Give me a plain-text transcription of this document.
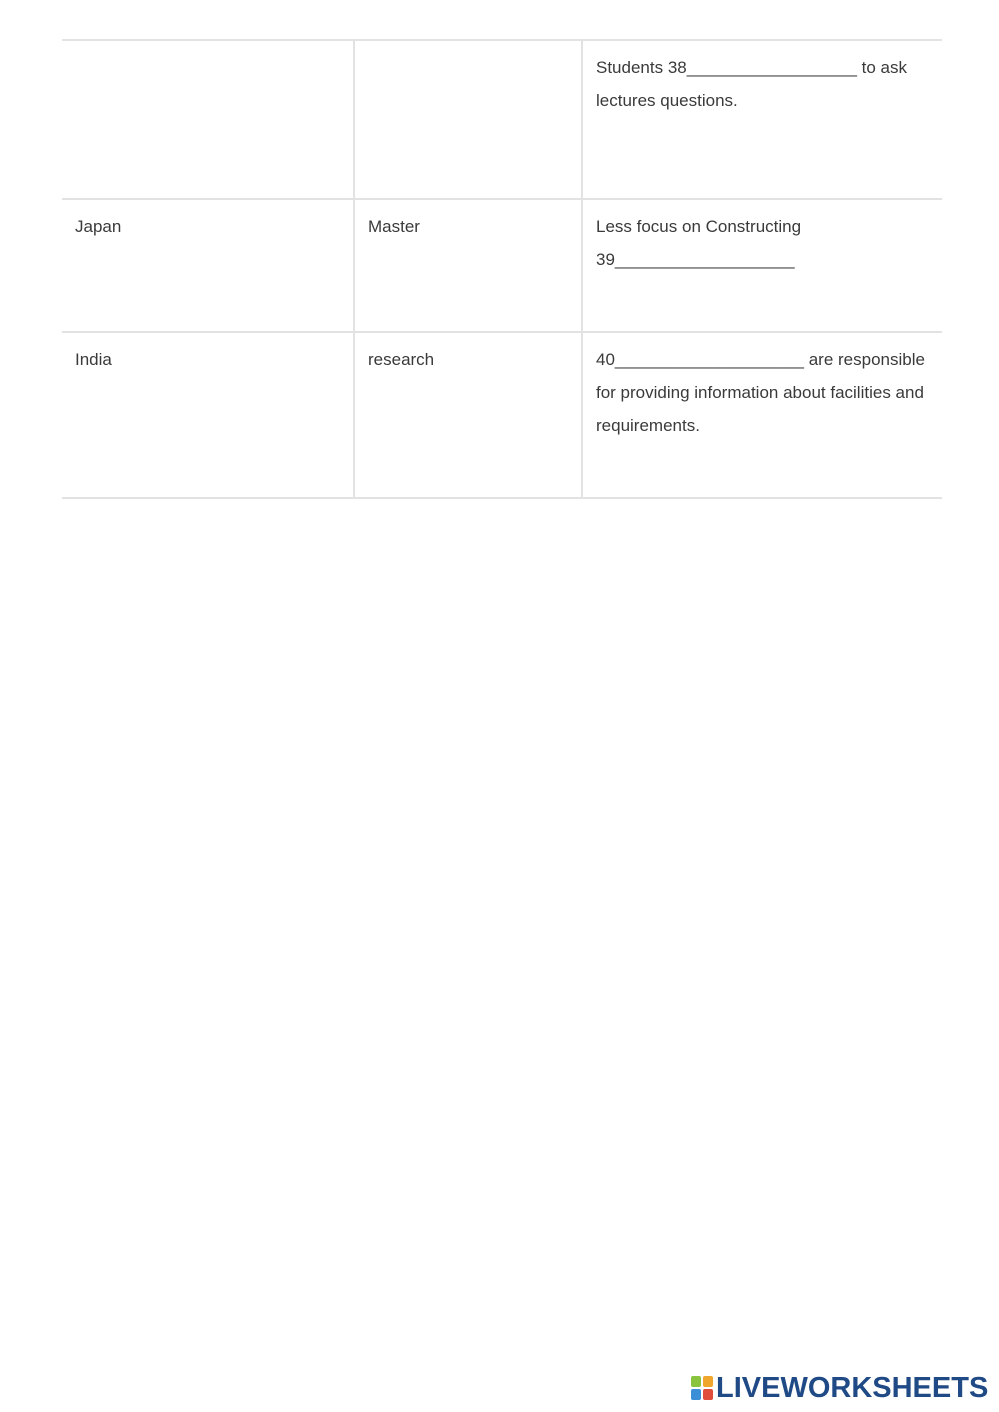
		Students 38__________________ to ask lectures questions.
Japan	Master	Less focus on Constructing 39___________________
India	research	40____________________ are responsible for providing information about facilities and requirements.
LIVEWORKSHEETS
